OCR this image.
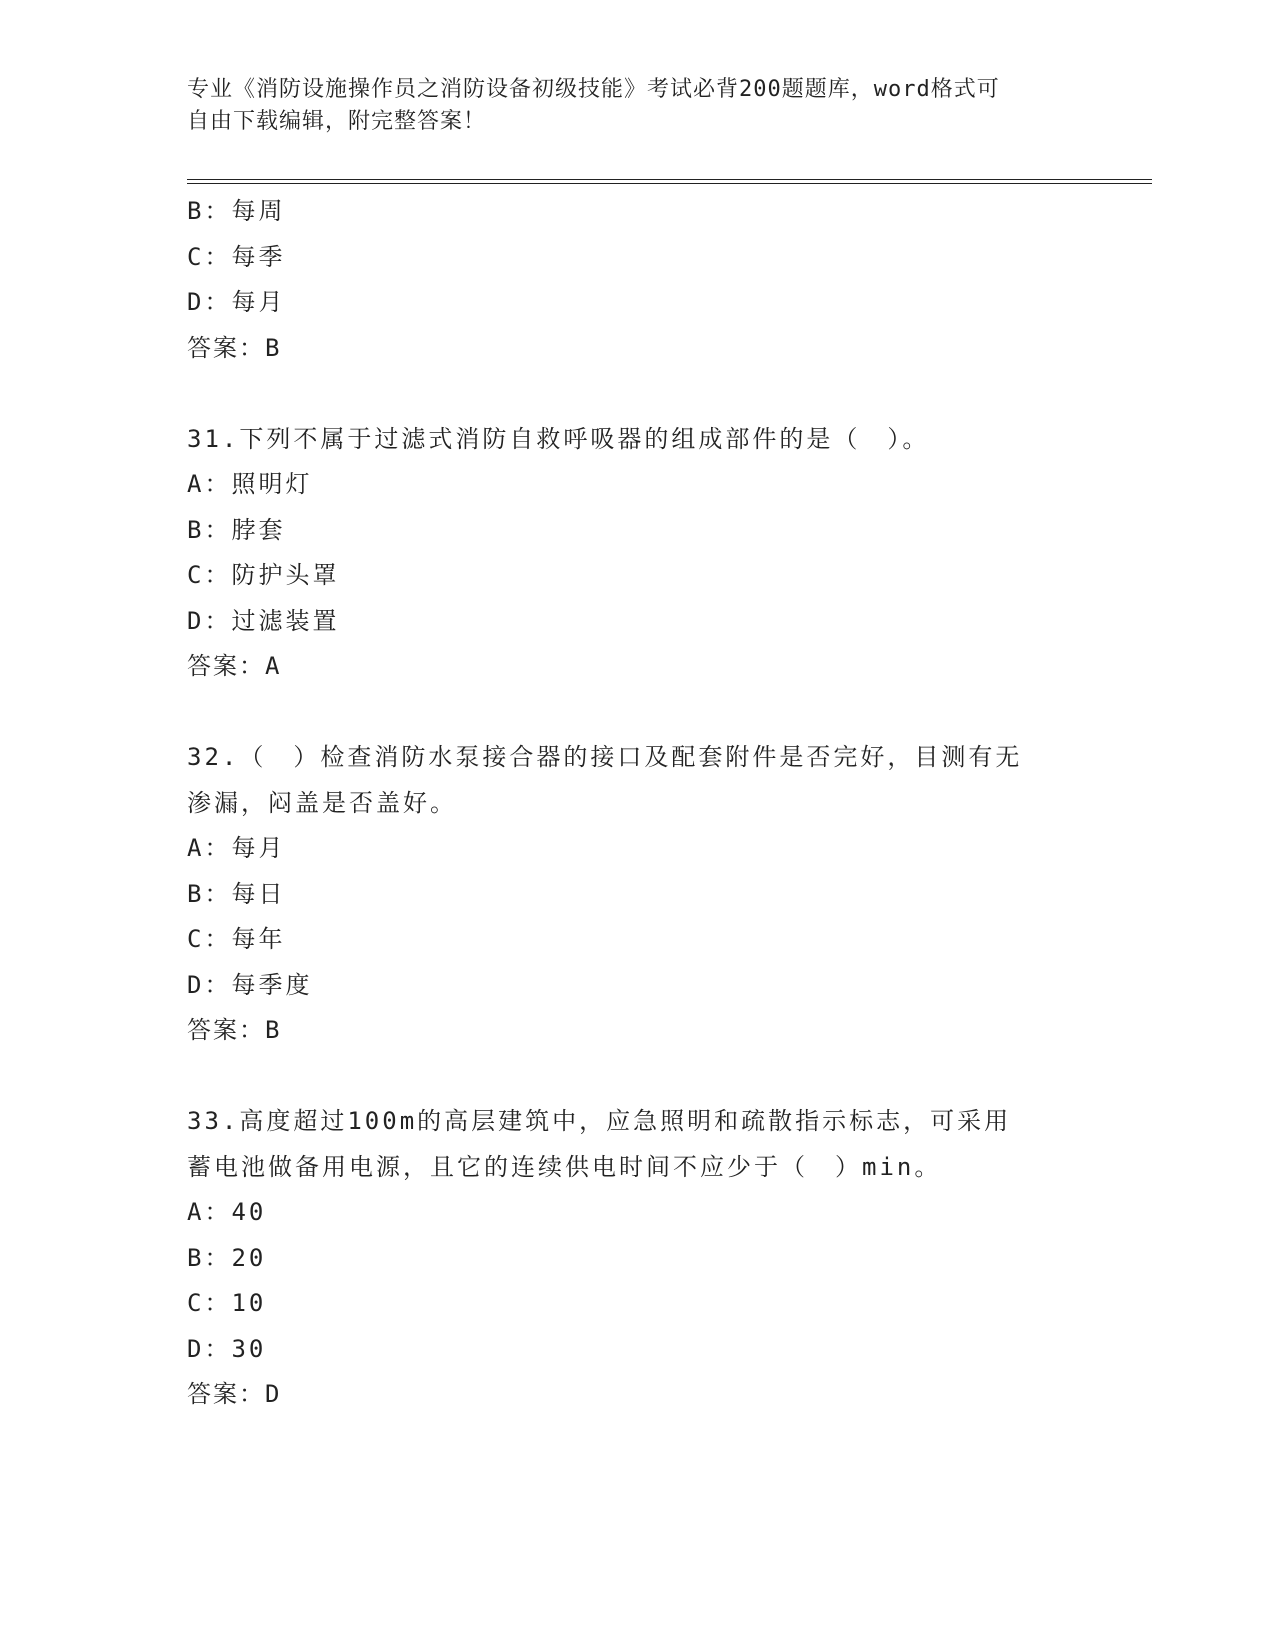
专业《消防设施操作员之消防设备初级技能》考试必背200题题库，word格式可
自由下载编辑，附完整答案！
B：每周
C：每季
D：每月
答案：B
31.下列不属于过滤式消防自救呼吸器的组成部件的是（　）。
A：照明灯
B：脖套
C：防护头罩
D：过滤装置
答案：A
32.（　）检查消防水泵接合器的接口及配套附件是否完好，目测有无
渗漏，闷盖是否盖好。
A：每月
B：每日
C：每年
D：每季度
答案：B
33.高度超过100m的高层建筑中，应急照明和疏散指示标志，可采用
蓄电池做备用电源，且它的连续供电时间不应少于（　）min。
A：40
B：20
C：10
D：30
答案：D
